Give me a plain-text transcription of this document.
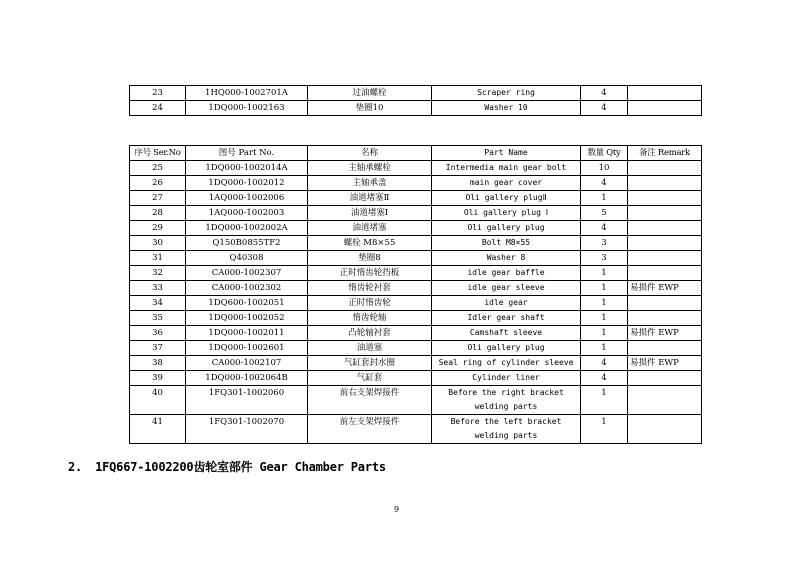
23	1HQ000-1002701A	过油螺栓	Scraper ring	4	
24	1DQ000-1002163	垫圈10	Washer 10	4	
序号 Ser.No	图号 Part No.	名称	Part Name	数量 Qty	备注 Remark
25	1DQ000-1002014A	主轴承螺栓	Intermedia main gear bolt	10	
26	1DQ000-1002012	主轴承盖	main gear cover	4	
27	1AQ000-1002006	油道堵塞Ⅱ	Oli gallery plugⅡ	1	
28	1AQ000-1002003	油道堵塞Ⅰ	Oli gallery plug Ⅰ	5	
29	1DQ000-1002002A	油道堵塞	Oli gallery plug	4	
30	Q150B0855TF2	螺栓 M8×55	Bolt M8×55	3	
31	Q40308	垫圈8	Washer 8	3	
32	CA000-1002307	正时惰齿轮挡板	idle gear baffle	1	
33	CA000-1002302	惰齿轮衬套	idle gear sleeve	1	易损件 EWP
34	1DQ600-1002051	正时惰齿轮	idle gear	1	
35	1DQ000-1002052	惰齿轮轴	Idler gear shaft	1	
36	1DQ000-1002011	凸轮轴衬套	Camshaft sleeve	1	易损件 EWP
37	1DQ000-1002601	油道塞	Oli gallery plug	1	
38	CA000-1002107	气缸套封水圈	Seal ring of cylinder sleeve	4	易损件 EWP
39	1DQ000-1002064B	气缸套	Cylinder liner	4	
40	1FQ301-1002060	前右支架焊接件	Before the right bracket welding parts	1	
41	1FQ301-1002070	前左支架焊接件	Before the left bracket welding parts	1	
2. 1FQ667-1002200齿轮室部件 Gear Chamber Parts
9
